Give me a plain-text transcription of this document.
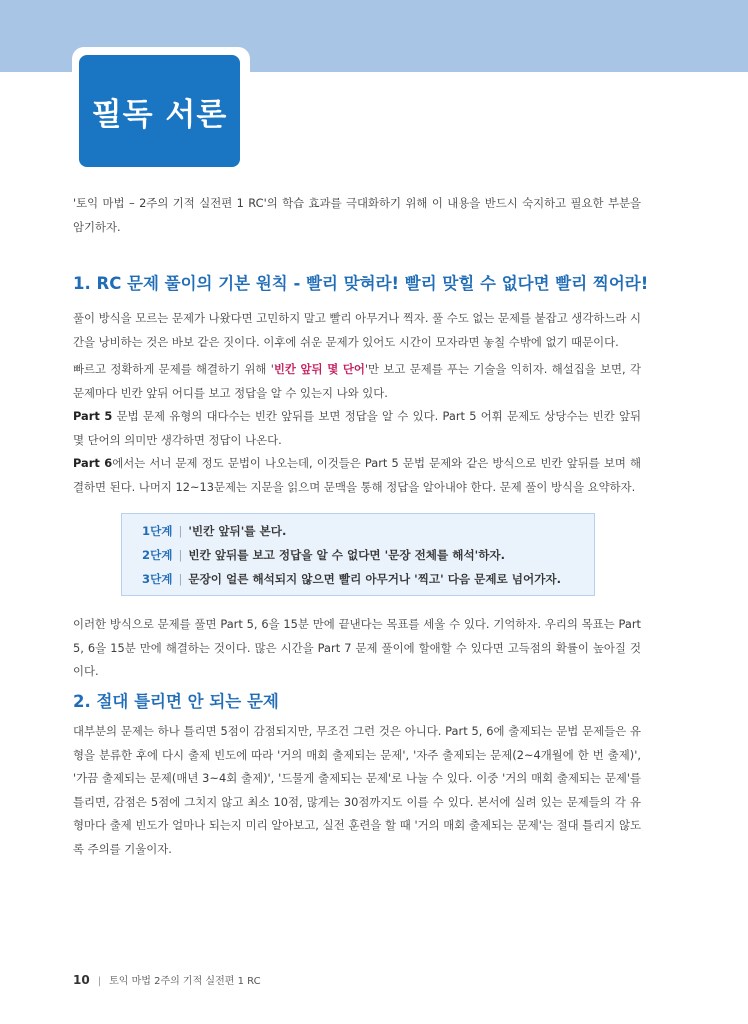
필독 서론

'토익 마법 – 2주의 기적 실전편 1 RC'의 학습 효과를 극대화하기 위해 이 내용을 반드시 숙지하고 필요한 부분을 암기하자.

1. RC 문제 풀이의 기본 원칙 - 빨리 맞혀라! 빨리 맞힐 수 없다면 빨리 찍어라!

풀이 방식을 모르는 문제가 나왔다면 고민하지 말고 빨리 아무거나 찍자. 풀 수도 없는 문제를 붙잡고 생각하느라 시간을 낭비하는 것은 바보 같은 짓이다. 이후에 쉬운 문제가 있어도 시간이 모자라면 놓칠 수밖에 없기 때문이다.

빠르고 정확하게 문제를 해결하기 위해 '빈칸 앞뒤 몇 단어'만 보고 문제를 푸는 기술을 익히자. 해설집을 보면, 각 문제마다 빈칸 앞뒤 어디를 보고 정답을 알 수 있는지 나와 있다.

Part 5 문법 문제 유형의 대다수는 빈칸 앞뒤를 보면 정답을 알 수 있다. Part 5 어휘 문제도 상당수는 빈칸 앞뒤 몇 단어의 의미만 생각하면 정답이 나온다.

Part 6에서는 서너 문제 정도 문법이 나오는데, 이것들은 Part 5 문법 문제와 같은 방식으로 빈칸 앞뒤를 보며 해결하면 된다. 나머지 12~13문제는 지문을 읽으며 문맥을 통해 정답을 알아내야 한다. 문제 풀이 방식을 요약하자.

1단계 | '빈칸 앞뒤'를 본다.
2단계 | 빈칸 앞뒤를 보고 정답을 알 수 없다면 '문장 전체를 해석'하자.
3단계 | 문장이 얼른 해석되지 않으면 빨리 아무거나 '찍고' 다음 문제로 넘어가자.

이러한 방식으로 문제를 풀면 Part 5, 6을 15분 만에 끝낸다는 목표를 세울 수 있다. 기억하자. 우리의 목표는 Part 5, 6을 15분 만에 해결하는 것이다. 많은 시간을 Part 7 문제 풀이에 할애할 수 있다면 고득점의 확률이 높아질 것이다.

2. 절대 틀리면 안 되는 문제

대부분의 문제는 하나 틀리면 5점이 감점되지만, 무조건 그런 것은 아니다. Part 5, 6에 출제되는 문법 문제들은 유형을 분류한 후에 다시 출제 빈도에 따라 '거의 매회 출제되는 문제', '자주 출제되는 문제(2~4개월에 한 번 출제)', '가끔 출제되는 문제(매년 3~4회 출제)', '드물게 출제되는 문제'로 나눌 수 있다. 이중 '거의 매회 출제되는 문제'를 틀리면, 감점은 5점에 그치지 않고 최소 10점, 많게는 30점까지도 이를 수 있다. 본서에 실려 있는 문제들의 각 유형마다 출제 빈도가 얼마나 되는지 미리 알아보고, 실전 훈련을 할 때 '거의 매회 출제되는 문제'는 절대 틀리지 않도록 주의를 기울이자.

10 | 토익 마법 2주의 기적 실전편 1 RC
